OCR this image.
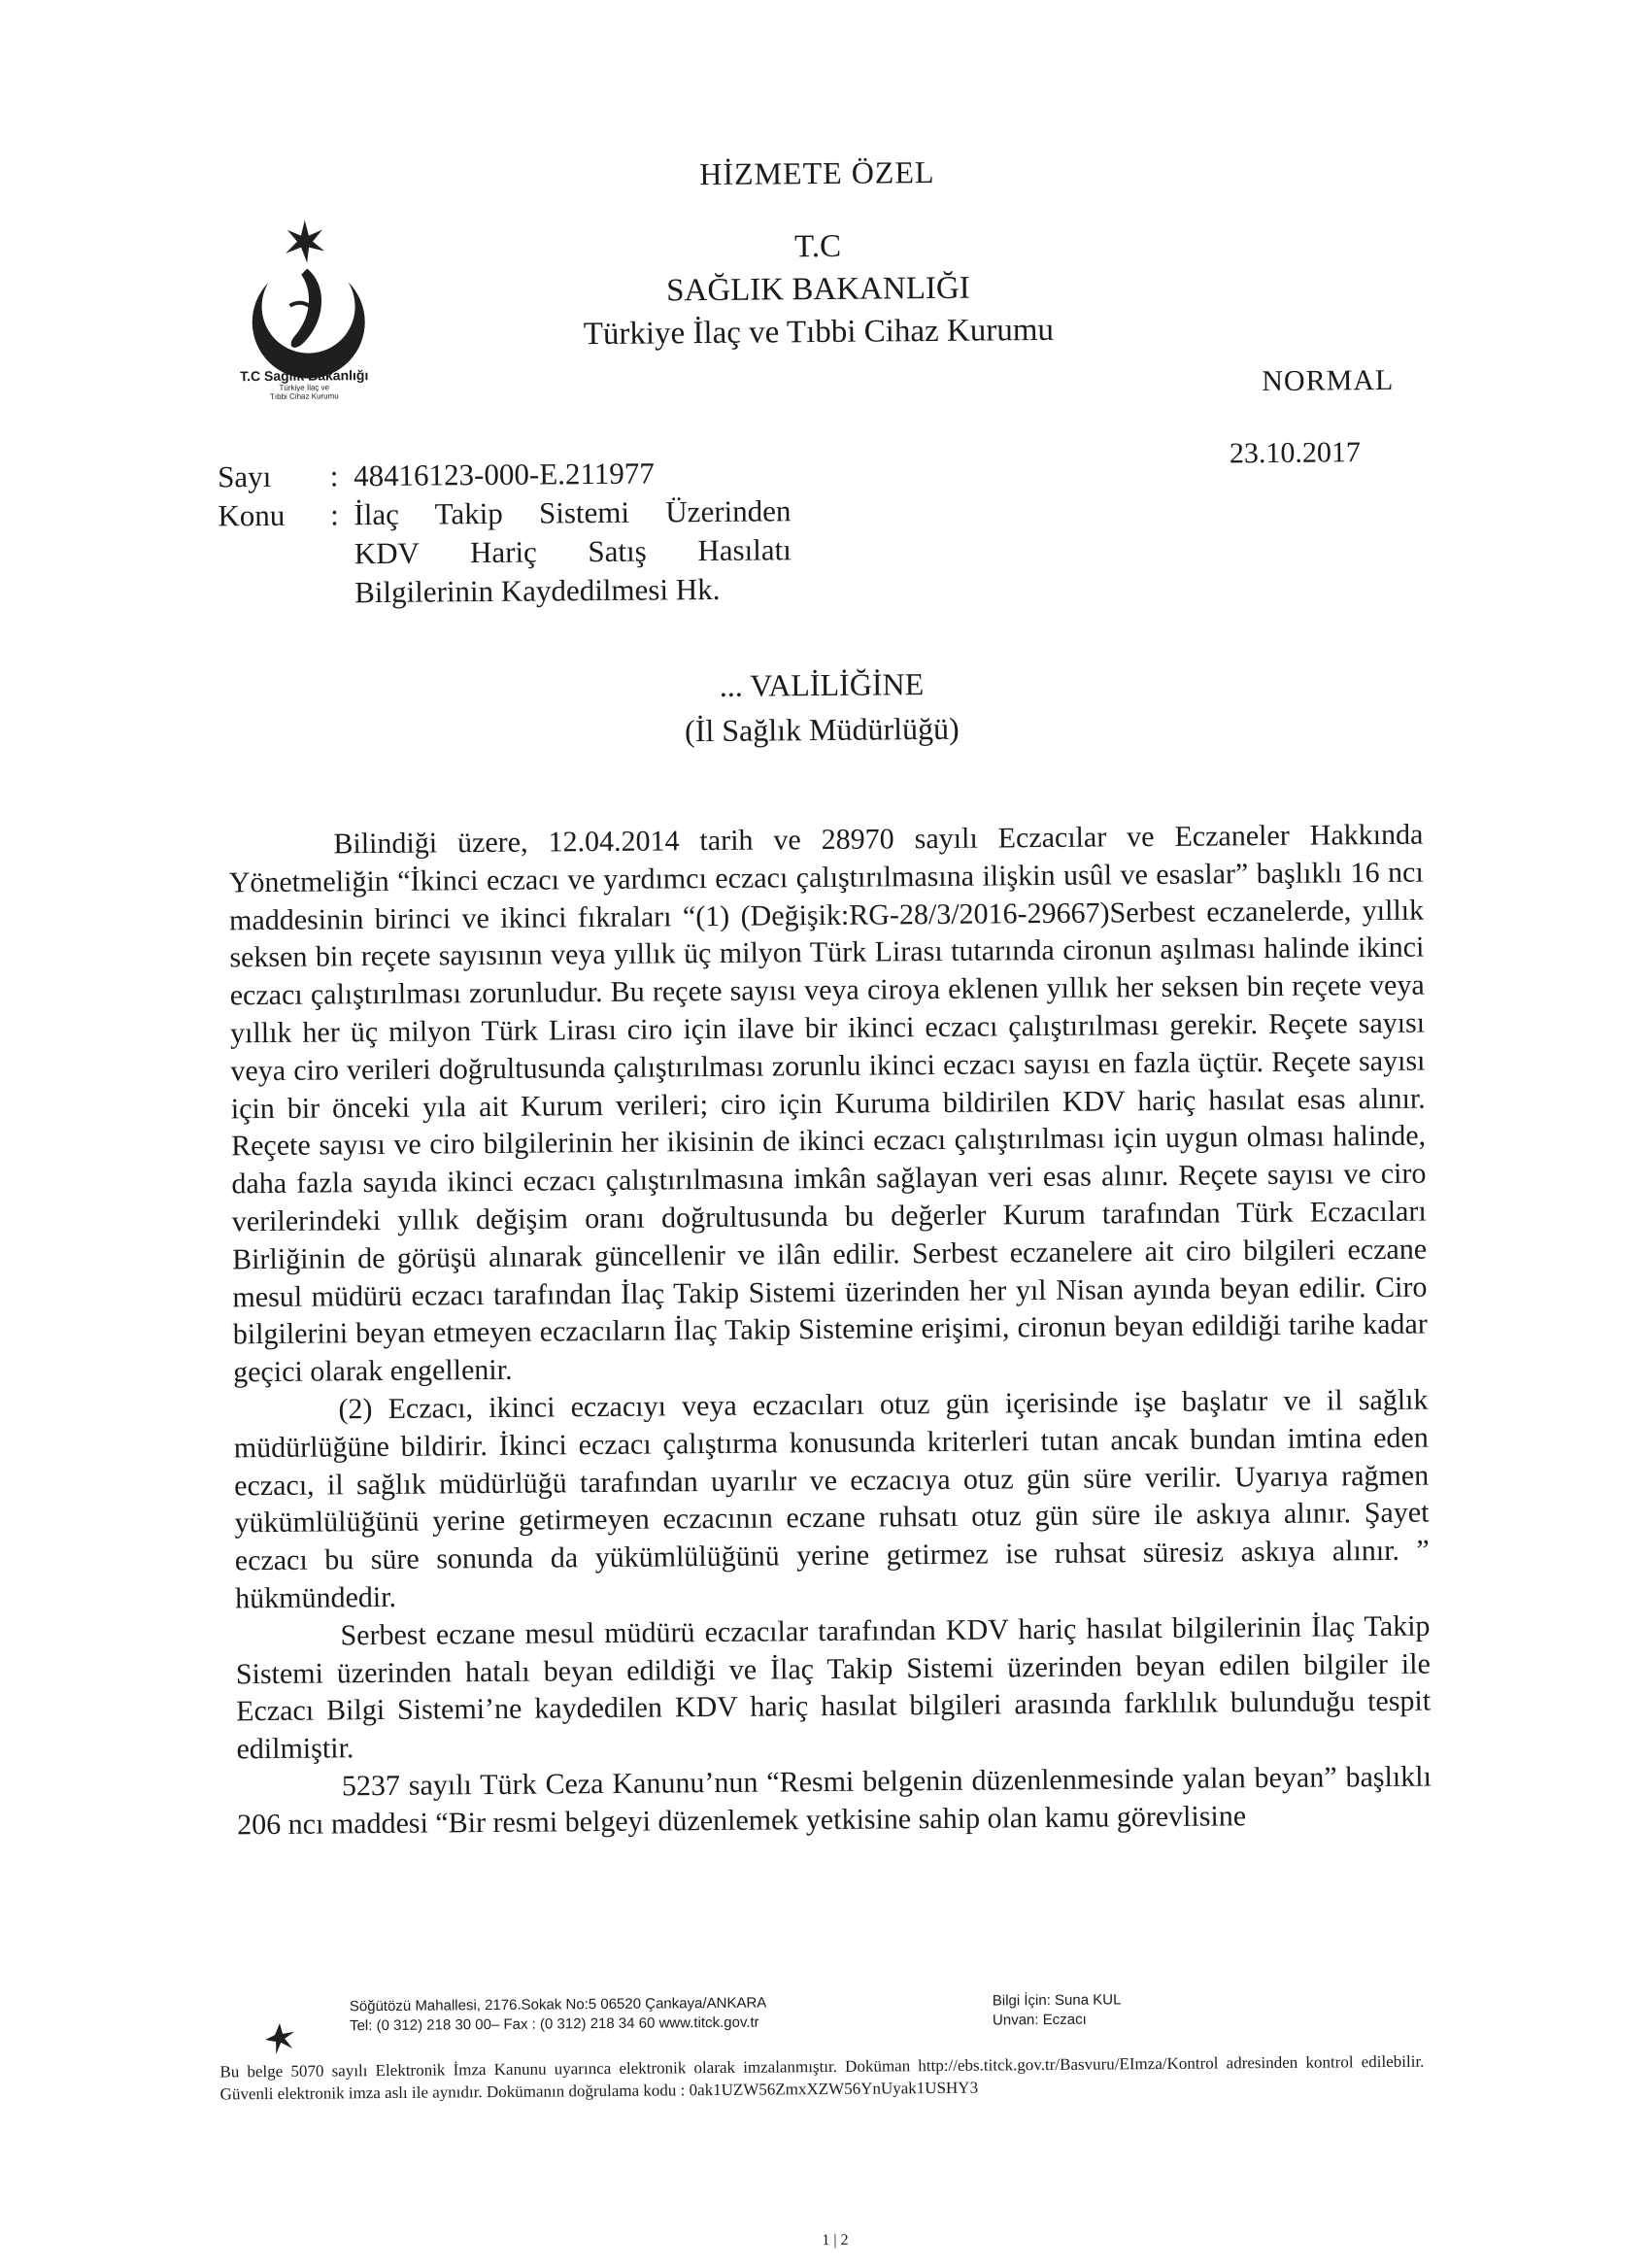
HİZMETE ÖZEL
T.C
SAĞLIK BAKANLIĞI
Türkiye İlaç ve Tıbbi Cihaz Kurumu
T.C Sağlık Bakanlığı
Türkiye İlaç ve
Tıbbi Cihaz Kurumu	NORMAL
23.10.2017
Sayı	:	48416123-000-E.211977
Konu	:	İlaç Takip Sistemi Üzerinden
		KDV Hariç Satış Hasılatı
		Bilgilerinin Kaydedilmesi Hk.
... VALİLİĞİNE
(İl Sağlık Müdürlüğü)

Bilindiği üzere, 12.04.2014 tarih ve 28970 sayılı Eczacılar ve Eczaneler Hakkında Yönetmeliğin “İkinci eczacı ve yardımcı eczacı çalıştırılmasına ilişkin usûl ve esaslar” başlıklı 16 ncı maddesinin birinci ve ikinci fıkraları “(1) (Değişik:RG-28/3/2016-29667)Serbest eczanelerde, yıllık seksen bin reçete sayısının veya yıllık üç milyon Türk Lirası tutarında cironun aşılması halinde ikinci eczacı çalıştırılması zorunludur. Bu reçete sayısı veya ciroya eklenen yıllık her seksen bin reçete veya yıllık her üç milyon Türk Lirası ciro için ilave bir ikinci eczacı çalıştırılması gerekir. Reçete sayısı veya ciro verileri doğrultusunda çalıştırılması zorunlu ikinci eczacı sayısı en fazla üçtür. Reçete sayısı için bir önceki yıla ait Kurum verileri; ciro için Kuruma bildirilen KDV hariç hasılat esas alınır. Reçete sayısı ve ciro bilgilerinin her ikisinin de ikinci eczacı çalıştırılması için uygun olması halinde, daha fazla sayıda ikinci eczacı çalıştırılmasına imkân sağlayan veri esas alınır. Reçete sayısı ve ciro verilerindeki yıllık değişim oranı doğrultusunda bu değerler Kurum tarafından Türk Eczacıları Birliğinin de görüşü alınarak güncellenir ve ilân edilir. Serbest eczanelere ait ciro bilgileri eczane mesul müdürü eczacı tarafından İlaç Takip Sistemi üzerinden her yıl Nisan ayında beyan edilir. Ciro bilgilerini beyan etmeyen eczacıların İlaç Takip Sistemine erişimi, cironun beyan edildiği tarihe kadar geçici olarak engellenir.

(2) Eczacı, ikinci eczacıyı veya eczacıları otuz gün içerisinde işe başlatır ve il sağlık müdürlüğüne bildirir. İkinci eczacı çalıştırma konusunda kriterleri tutan ancak bundan imtina eden eczacı, il sağlık müdürlüğü tarafından uyarılır ve eczacıya otuz gün süre verilir. Uyarıya rağmen yükümlülüğünü yerine getirmeyen eczacının eczane ruhsatı otuz gün süre ile askıya alınır. Şayet eczacı bu süre sonunda da yükümlülüğünü yerine getirmez ise ruhsat süresiz askıya alınır. ” hükmündedir.

Serbest eczane mesul müdürü eczacılar tarafından KDV hariç hasılat bilgilerinin İlaç Takip Sistemi üzerinden hatalı beyan edildiği ve İlaç Takip Sistemi üzerinden beyan edilen bilgiler ile Eczacı Bilgi Sistemi’ne kaydedilen KDV hariç hasılat bilgileri arasında farklılık bulunduğu tespit edilmiştir.

5237 sayılı Türk Ceza Kanunu’nun “Resmi belgenin düzenlenmesinde yalan beyan” başlıklı 206 ncı maddesi “Bir resmi belgeyi düzenlemek yetkisine sahip olan kamu görevlisine

Söğütözü Mahallesi, 2176.Sokak No:5 06520 Çankaya/ANKARA
Tel: (0 312) 218 30 00– Fax : (0 312) 218 34 60 www.titck.gov.tr
Bilgi İçin: Suna KUL
Unvan: Eczacı
Bu belge 5070 sayılı Elektronik İmza Kanunu uyarınca elektronik olarak imzalanmıştır. Doküman http://ebs.titck.gov.tr/Basvuru/EImza/Kontrol adresinden kontrol edilebilir. Güvenli elektronik imza aslı ile aynıdır. Dokümanın doğrulama kodu : 0ak1UZW56ZmxXZW56YnUyak1USHY3
1 | 2
